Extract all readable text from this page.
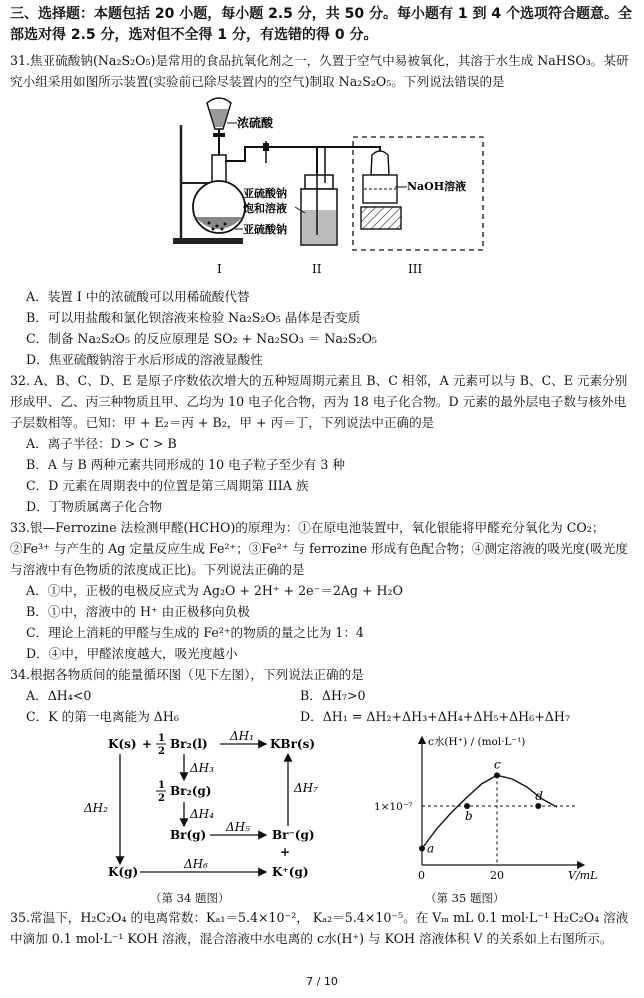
三、选择题：本题包括 20 小题，每小题 2.5 分，共 50 分。每小题有 1 到 4 个选项符合题意。全部选对得 2.5 分，选对但不全得 1 分，有选错的得 0 分。

31.焦亚硫酸钠(Na₂S₂O₅)是常用的食品抗氧化剂之一，久置于空气中易被氧化，其溶于水生成 NaHSO₃。某研究小组采用如图所示装置(实验前已除尽装置内的空气)制取 Na₂S₂O₅。下列说法错误的是

浓硫酸
亚硫酸钠
饱和溶液
亚硫酸钠
NaOH溶液
I	II	III

A．装置 I 中的浓硫酸可以用稀硫酸代替

B．可以用盐酸和氯化钡溶液来检验 Na₂S₂O₅ 晶体是否变质

C．制备 Na₂S₂O₅ 的反应原理是 SO₂ + Na₂SO₃ ＝ Na₂S₂O₅

D．焦亚硫酸钠溶于水后形成的溶液显酸性

32. A、B、C、D、E 是原子序数依次增大的五种短周期元素且 B、C 相邻，A 元素可以与 B、C、E 元素分别形成甲、乙、丙三种物质且甲、乙均为 10 电子化合物，丙为 18 电子化合物。D 元素的最外层电子数与核外电子层数相等。已知：甲 + E₂＝丙 + B₂，甲 + 丙＝丁，下列说法中正确的是

A．离子半径：D > C > B

B．A 与 B 两种元素共同形成的 10 电子粒子至少有 3 种

C．D 元素在周期表中的位置是第三周期第 IIIA 族

D．丁物质属离子化合物

33.银—Ferrozine 法检测甲醛(HCHO)的原理为：①在原电池装置中，氧化银能将甲醛充分氧化为 CO₂；②Fe³⁺ 与产生的 Ag 定量反应生成 Fe²⁺；③Fe²⁺ 与 ferrozine 形成有色配合物；④测定溶液的吸光度(吸光度与溶液中有色物质的浓度成正比)。下列说法正确的是

A．①中，正极的电极反应式为 Ag₂O + 2H⁺ + 2e⁻＝2Ag + H₂O

B．①中，溶液中的 H⁺ 由正极移向负极

C．理论上消耗的甲醛与生成的 Fe²⁺的物质的量之比为 1：4

D．④中，甲醛浓度越大，吸光度越小

34.根据各物质间的能量循环图（见下左图），下列说法正确的是

A．ΔH₄<0	B．ΔH₇>0
C．K 的第一电离能为 ΔH₆	D．ΔH₁ = ΔH₂+ΔH₃+ΔH₄+ΔH₅+ΔH₆+ΔH₇
K(s) + 1
2
Br₂(l)	KBr(s)
1
2
Br₂(g)
Br(g)	Br⁻(g)
+
K(g)	K⁺(g)
ΔH₁
ΔH₂
ΔH₃
ΔH₄
ΔH₅
ΔH₆
ΔH₇
（第 34 题图）
V/mL
c水(H⁺) / (mol·L⁻¹)
1×10⁻⁷
0	20
a
b
c
d
（第 35 题图）

35.常温下，H₂C₂O₄ 的电离常数：Kₐ₁＝5.4×10⁻²， Kₐ₂＝5.4×10⁻⁵。在 Vₘ mL 0.1 mol·L⁻¹ H₂C₂O₄ 溶液中滴加 0.1 mol·L⁻¹ KOH 溶液，混合溶液中水电离的 c水(H⁺) 与 KOH 溶液体积 V 的关系如上右图所示。

7 / 10
